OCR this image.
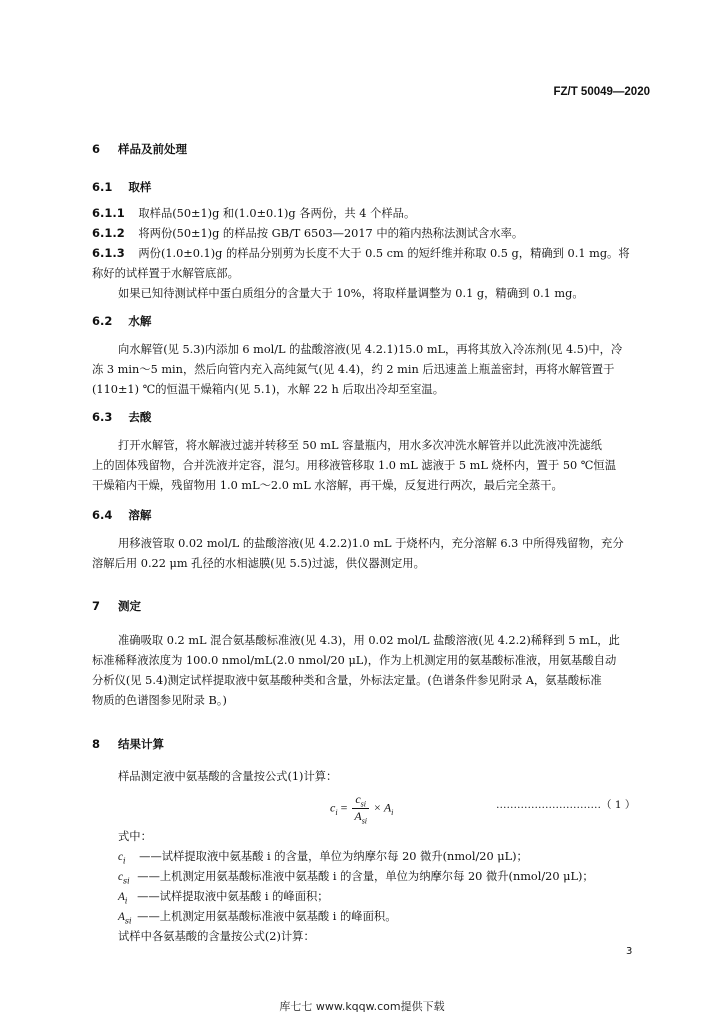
FZ/T 50049—2020
6 样品及前处理
6.1 取样
6.1.1 取样品(50±1)g 和(1.0±0.1)g 各两份，共 4 个样品。
6.1.2 将两份(50±1)g 的样品按 GB/T 6503—2017 中的箱内热称法测试含水率。
6.1.3 两份(1.0±0.1)g 的样品分别剪为长度不大于 0.5 cm 的短纤维并称取 0.5 g，精确到 0.1 mg。将
称好的试样置于水解管底部。
如果已知待测试样中蛋白质组分的含量大于 10%，将取样量调整为 0.1 g，精确到 0.1 mg。
6.2 水解
向水解管(见 5.3)内添加 6 mol/L 的盐酸溶液(见 4.2.1)15.0 mL，再将其放入冷冻剂(见 4.5)中，冷
冻 3 min～5 min，然后向管内充入高纯氮气(见 4.4)，约 2 min 后迅速盖上瓶盖密封，再将水解管置于
(110±1) ℃的恒温干燥箱内(见 5.1)，水解 22 h 后取出冷却至室温。
6.3 去酸
打开水解管，将水解液过滤并转移至 50 mL 容量瓶内，用水多次冲洗水解管并以此洗液冲洗滤纸
上的固体残留物，合并洗液并定容，混匀。用移液管移取 1.0 mL 滤液于 5 mL 烧杯内，置于 50 ℃恒温
干燥箱内干燥，残留物用 1.0 mL～2.0 mL 水溶解，再干燥，反复进行两次，最后完全蒸干。
6.4 溶解
用移液管取 0.02 mol/L 的盐酸溶液(见 4.2.2)1.0 mL 于烧杯内，充分溶解 6.3 中所得残留物，充分
溶解后用 0.22 μm 孔径的水相滤膜(见 5.5)过滤，供仪器测定用。
7 测定
准确吸取 0.2 mL 混合氨基酸标准液(见 4.3)，用 0.02 mol/L 盐酸溶液(见 4.2.2)稀释到 5 mL，此
标准稀释液浓度为 100.0 nmol/mL(2.0 nmol/20 μL)，作为上机测定用的氨基酸标准液，用氨基酸自动
分析仪(见 5.4)测定试样提取液中氨基酸种类和含量，外标法定量。(色谱条件参见附录 A，氨基酸标准
物质的色谱图参见附录 B。)
8 结果计算
样品测定液中氨基酸的含量按公式(1)计算：
$c_i = \frac{c_{si}}{A_{si}} \times A_i$
…………………………（ 1 ）
式中：
$c_i$ ——试样提取液中氨基酸 i 的含量，单位为纳摩尔每 20 微升(nmol/20 μL)；
$c_{si}$ ——上机测定用氨基酸标准液中氨基酸 i 的含量，单位为纳摩尔每 20 微升(nmol/20 μL)；
$A_i$ ——试样提取液中氨基酸 i 的峰面积；
$A_{si}$ ——上机测定用氨基酸标准液中氨基酸 i 的峰面积。
试样中各氨基酸的含量按公式(2)计算：
3
库七七 www.kqqw.com提供下载
